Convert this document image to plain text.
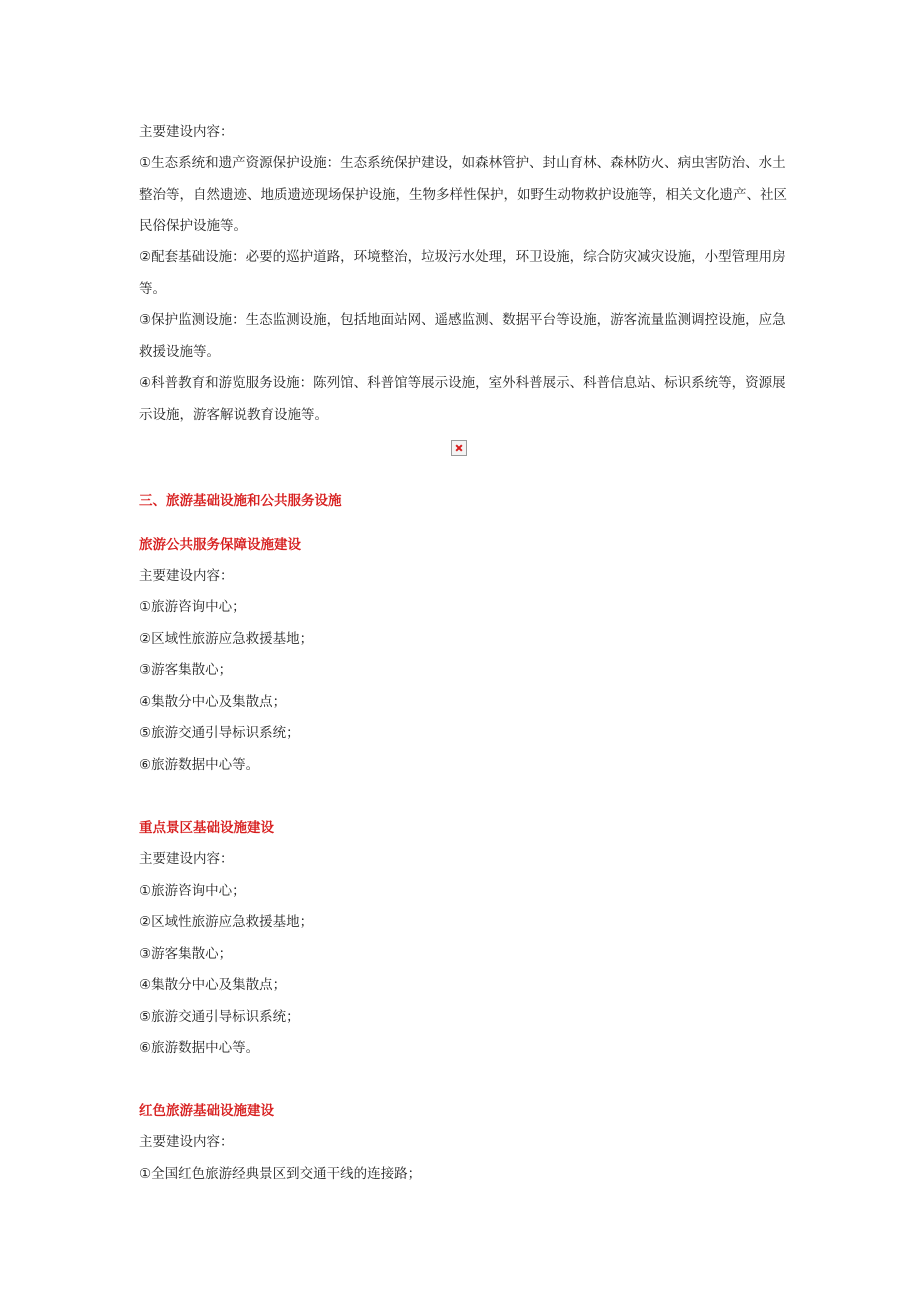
主要建设内容：
①生态系统和遗产资源保护设施：生态系统保护建设，如森林管护、封山育林、森林防火、病虫害防治、水土整治等，自然遗迹、地质遗迹现场保护设施，生物多样性保护，如野生动物救护设施等，相关文化遗产、社区民俗保护设施等。
②配套基础设施：必要的巡护道路，环境整治，垃圾污水处理，环卫设施，综合防灾减灾设施，小型管理用房等。
③保护监测设施：生态监测设施，包括地面站网、遥感监测、数据平台等设施，游客流量监测调控设施，应急救援设施等。
④科普教育和游览服务设施：陈列馆、科普馆等展示设施，室外科普展示、科普信息站、标识系统等，资源展示设施，游客解说教育设施等。
三、旅游基础设施和公共服务设施
旅游公共服务保障设施建设
主要建设内容：
①旅游咨询中心；
②区域性旅游应急救援基地；
③游客集散心；
④集散分中心及集散点；
⑤旅游交通引导标识系统；
⑥旅游数据中心等。
重点景区基础设施建设
主要建设内容：
①旅游咨询中心；
②区域性旅游应急救援基地；
③游客集散心；
④集散分中心及集散点；
⑤旅游交通引导标识系统；
⑥旅游数据中心等。
红色旅游基础设施建设
主要建设内容：
①全国红色旅游经典景区到交通干线的连接路；
